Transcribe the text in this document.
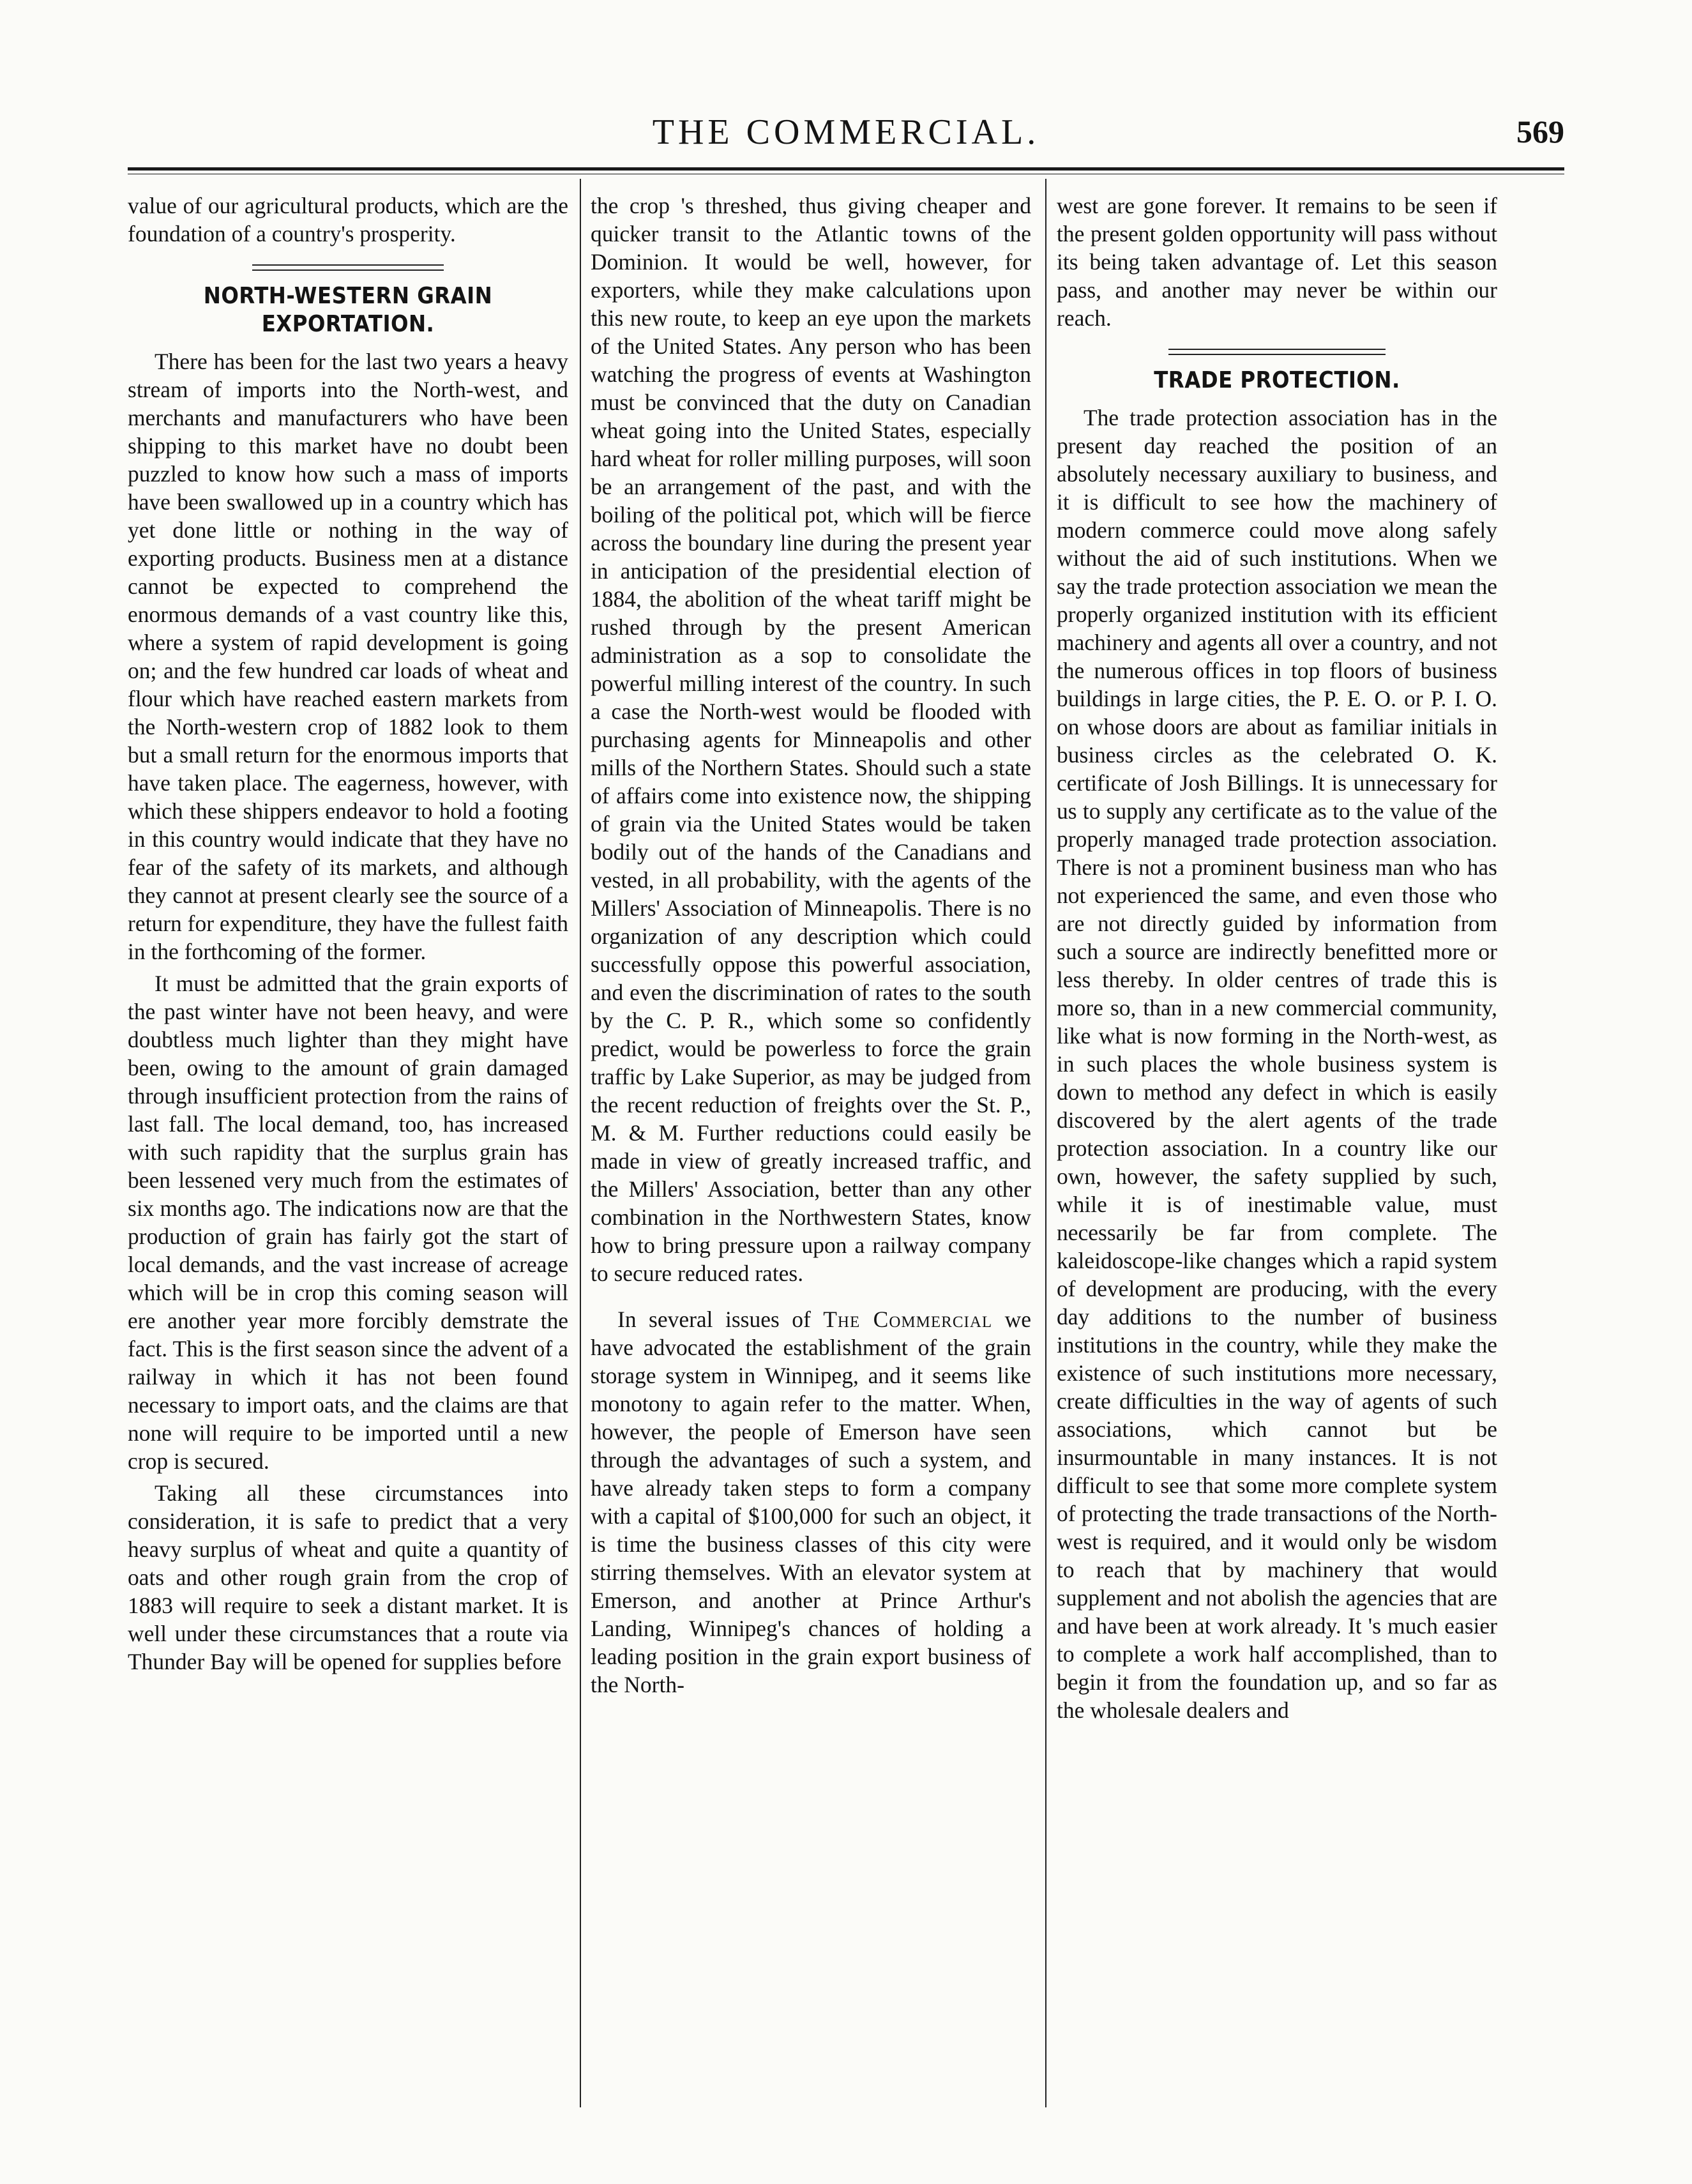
THE COMMERCIAL.	569

value of our agricultural products, which are the foundation of a country's prosperity.

NORTH-WESTERN GRAIN EXPORTATION.

There has been for the last two years a heavy stream of imports into the North-west, and merchants and manufacturers who have been shipping to this market have no doubt been puzzled to know how such a mass of imports have been swallowed up in a country which has yet done little or nothing in the way of exporting products. Business men at a distance cannot be expected to comprehend the enormous demands of a vast country like this, where a system of rapid development is going on; and the few hundred car loads of wheat and flour which have reached eastern markets from the North-western crop of 1882 look to them but a small return for the enormous imports that have taken place. The eagerness, however, with which these shippers endeavor to hold a footing in this country would indicate that they have no fear of the safety of its markets, and although they cannot at present clearly see the source of a return for expenditure, they have the fullest faith in the forthcoming of the former.

It must be admitted that the grain exports of the past winter have not been heavy, and were doubtless much lighter than they might have been, owing to the amount of grain damaged through insufficient protection from the rains of last fall. The local demand, too, has increased with such rapidity that the surplus grain has been lessened very much from the estimates of six months ago. The indications now are that the production of grain has fairly got the start of local demands, and the vast increase of acreage which will be in crop this coming season will ere another year more forcibly demstrate the fact. This is the first season since the advent of a railway in which it has not been found necessary to import oats, and the claims are that none will require to be imported until a new crop is secured.

Taking all these circumstances into consideration, it is safe to predict that a very heavy surplus of wheat and quite a quantity of oats and other rough grain from the crop of 1883 will require to seek a distant market. It is well under these circumstances that a route via Thunder Bay will be opened for supplies before

the crop 's threshed, thus giving cheaper and quicker transit to the Atlantic towns of the Dominion. It would be well, however, for exporters, while they make calculations upon this new route, to keep an eye upon the markets of the United States. Any person who has been watching the progress of events at Washington must be convinced that the duty on Canadian wheat going into the United States, especially hard wheat for roller milling purposes, will soon be an arrangement of the past, and with the boiling of the political pot, which will be fierce across the boundary line during the present year in anticipation of the presidential election of 1884, the abolition of the wheat tariff might be rushed through by the present American administration as a sop to consolidate the powerful milling interest of the country. In such a case the North-west would be flooded with purchasing agents for Minneapolis and other mills of the Northern States. Should such a state of affairs come into existence now, the shipping of grain via the United States would be taken bodily out of the hands of the Canadians and vested, in all probability, with the agents of the Millers' Association of Minneapolis. There is no organization of any description which could successfully oppose this powerful association, and even the discrimination of rates to the south by the C. P. R., which some so confidently predict, would be powerless to force the grain traffic by Lake Superior, as may be judged from the recent reduction of freights over the St. P., M. & M. Further reductions could easily be made in view of greatly increased traffic, and the Millers' Association, better than any other combination in the Northwestern States, know how to bring pressure upon a railway company to secure reduced rates.

In several issues of The Commercial we have advocated the establishment of the grain storage system in Winnipeg, and it seems like monotony to again refer to the matter. When, however, the people of Emerson have seen through the advantages of such a system, and have already taken steps to form a company with a capital of $100,000 for such an object, it is time the business classes of this city were stirring themselves. With an elevator system at Emerson, and another at Prince Arthur's Landing, Winnipeg's chances of holding a leading position in the grain export business of the North-

west are gone forever. It remains to be seen if the present golden opportunity will pass without its being taken advantage of. Let this season pass, and another may never be within our reach.

TRADE PROTECTION.

The trade protection association has in the present day reached the position of an absolutely necessary auxiliary to business, and it is difficult to see how the machinery of modern commerce could move along safely without the aid of such institutions. When we say the trade protection association we mean the properly organized institution with its efficient machinery and agents all over a country, and not the numerous offices in top floors of business buildings in large cities, the P. E. O. or P. I. O. on whose doors are about as familiar initials in business circles as the celebrated O. K. certificate of Josh Billings. It is unnecessary for us to supply any certificate as to the value of the properly managed trade protection association. There is not a prominent business man who has not experienced the same, and even those who are not directly guided by information from such a source are indirectly benefitted more or less thereby. In older centres of trade this is more so, than in a new commercial community, like what is now forming in the North-west, as in such places the whole business system is down to method any defect in which is easily discovered by the alert agents of the trade protection association. In a country like our own, however, the safety supplied by such, while it is of inestimable value, must necessarily be far from complete. The kaleidoscope-like changes which a rapid system of development are producing, with the every day additions to the number of business institutions in the country, while they make the existence of such institutions more necessary, create difficulties in the way of agents of such associations, which cannot but be insurmountable in many instances. It is not difficult to see that some more complete system of protecting the trade transactions of the North-west is required, and it would only be wisdom to reach that by machinery that would supplement and not abolish the agencies that are and have been at work already. It 's much easier to complete a work half accomplished, than to begin it from the foundation up, and so far as the wholesale dealers and
